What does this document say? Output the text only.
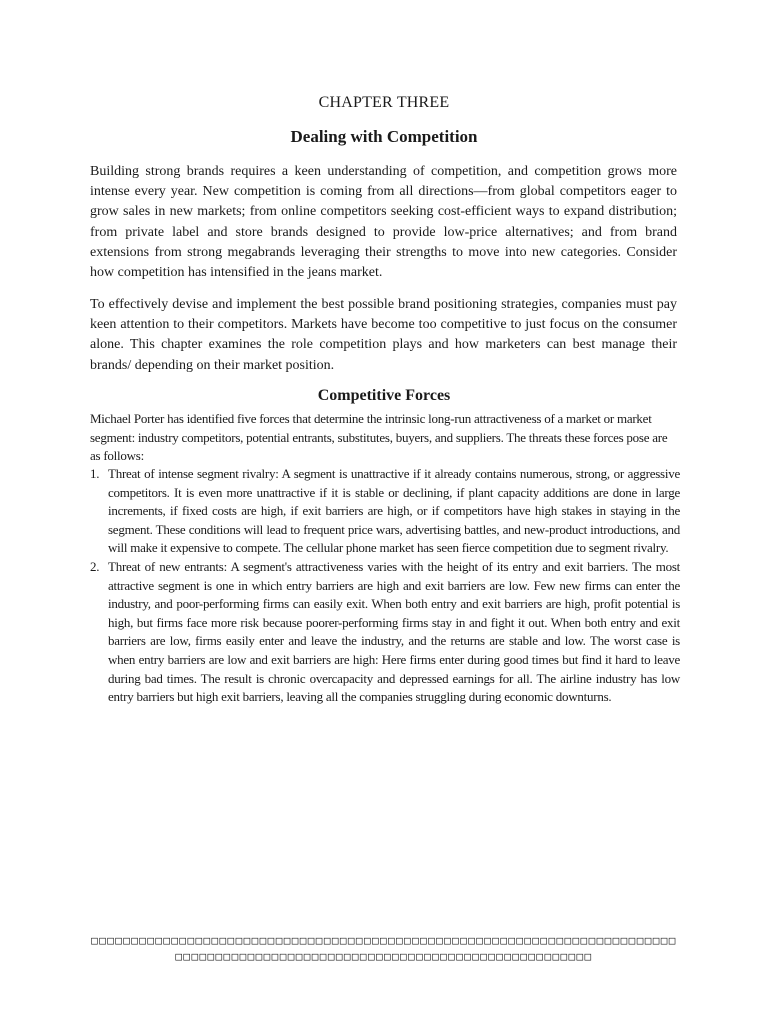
CHAPTER THREE
Dealing with Competition

Building strong brands requires a keen understanding of competition, and competition grows more intense every year. New competition is coming from all directions—from global competitors eager to grow sales in new markets; from online competitors seeking cost-efficient ways to expand distribution; from private label and store brands designed to provide low-price alternatives; and from brand extensions from strong megabrands leveraging their strengths to move into new categories. Consider how competition has intensified in the jeans market.

To effectively devise and implement the best possible brand positioning strategies, companies must pay keen attention to their competitors. Markets have become too competitive to just focus on the consumer alone. This chapter examines the role competition plays and how marketers can best manage their brands/ depending on their market position.

Competitive Forces

Michael Porter has identified five forces that determine the intrinsic long-run attractiveness of a market or market segment: industry competitors, potential entrants, substitutes, buyers, and suppliers. The threats these forces pose are as follows:

1. Threat of intense segment rivalry: A segment is unattractive if it already contains numerous, strong, or aggressive competitors. It is even more unattractive if it is stable or declining, if plant capacity additions are done in large increments, if fixed costs are high, if exit barriers are high, or if competitors have high stakes in staying in the segment. These conditions will lead to frequent price wars, advertising battles, and new-product introductions, and will make it expensive to compete. The cellular phone market has seen fierce competition due to segment rivalry.
2. Threat of new entrants: A segment's attractiveness varies with the height of its entry and exit barriers. The most attractive segment is one in which entry barriers are high and exit barriers are low. Few new firms can enter the industry, and poor-performing firms can easily exit. When both entry and exit barriers are high, profit potential is high, but firms face more risk because poorer-performing firms stay in and fight it out. When both entry and exit barriers are low, firms easily enter and leave the industry, and the returns are stable and low. The worst case is when entry barriers are low and exit barriers are high: Here firms enter during good times but find it hard to leave during bad times. The result is chronic overcapacity and depressed earnings for all. The airline industry has low entry barriers but high exit barriers, leaving all the companies struggling during economic downturns.
□□□□□□□□□□□□□□□□□□□□□□□□□□□□□□□□□□□□□□□□□□□□□□□□□□□□□□□□□□□□□□□□□□□□□□□□□□□□□□□□□□□□□□□□□□□□□□□□□□□□□□□□□□□□□□□□□□□□□□□□□□□□□
